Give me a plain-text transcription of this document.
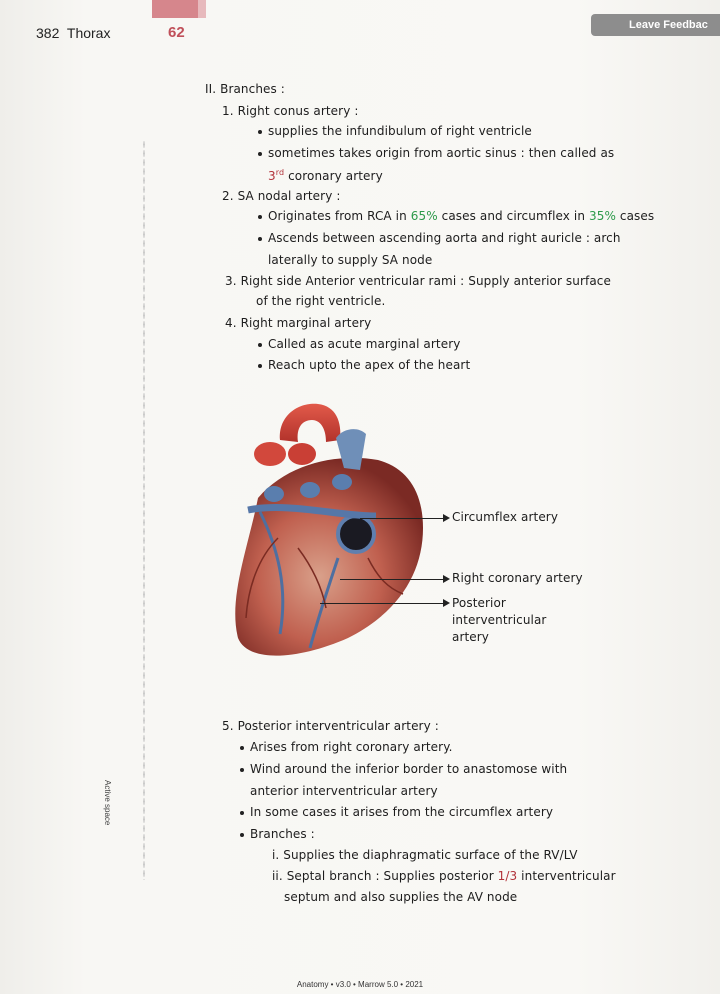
382 Thorax	62	Leave Feedbac
Active space
II. Branches :
1. Right conus artery :
supplies the infundibulum of right ventricle
sometimes takes origin from aortic sinus : then called as
3rd coronary artery
2. SA nodal artery :
Originates from RCA in 65% cases and circumflex in 35% cases
Ascends between ascending aorta and right auricle : arch
laterally to supply SA node
3. Right side Anterior ventricular rami : Supply anterior surface
of the right ventricle.
4. Right marginal artery
Called as acute marginal artery
Reach upto the apex of the heart
Circumflex artery
Right coronary artery
Posterior
interventricular
artery
5. Posterior interventricular artery :
Arises from right coronary artery.
Wind around the inferior border to anastomose with
anterior interventricular artery
In some cases it arises from the circumflex artery
Branches :
i. Supplies the diaphragmatic surface of the RV/LV
ii. Septal branch : Supplies posterior 1/3 interventricular
septum and also supplies the AV node
Anatomy • v3.0 • Marrow 5.0 • 2021
